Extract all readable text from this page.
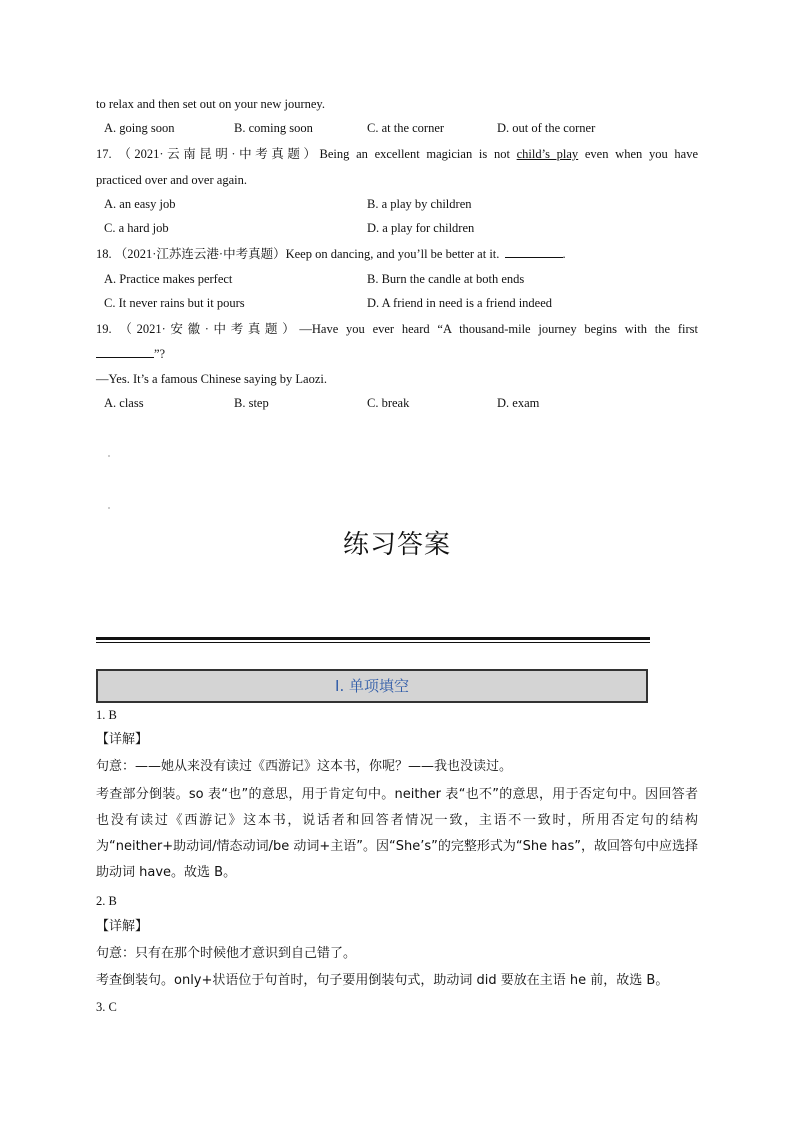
to relax and then set out on your new journey.
A. going soon	B. coming soon	C. at the corner	D. out of the corner
17. （2021·云南昆明·中考真题）Being an excellent magician is not child’s play even when you have
practiced over and over again.
A. an easy job	B. a play by children
C. a hard job	D. a play for children
18. （2021·江苏连云港·中考真题）Keep on dancing, and you’ll be better at it.	.
A. Practice makes perfect	B. Burn the candle at both ends
C. It never rains but it pours	D. A friend in need is a friend indeed
19. （2021·安徽·中考真题）—Have you ever heard “A thousand-mile journey begins with the first
”?
—Yes. It’s a famous Chinese saying by Laozi.
A. class	B. step	C. break	D. exam
练习答案
I. 单项填空
1. B
【详解】
句意：——她从来没有读过《西游记》这本书，你呢？——我也没读过。
考查部分倒装。so 表“也”的意思，用于肯定句中。neither 表“也不”的意思，用于否定句中。因回答者也没有读过《西游记》这本书，说话者和回答者情况一致，主语不一致时，所用否定句的结构为“neither+助动词/情态动词/be 动词+主语”。因“She’s”的完整形式为“She has”，故回答句中应选择助动词 have。故选 B。
2. B
【详解】
句意：只有在那个时候他才意识到自己错了。
考查倒装句。only+状语位于句首时，句子要用倒装句式，助动词 did 要放在主语 he 前，故选 B。
3. C
